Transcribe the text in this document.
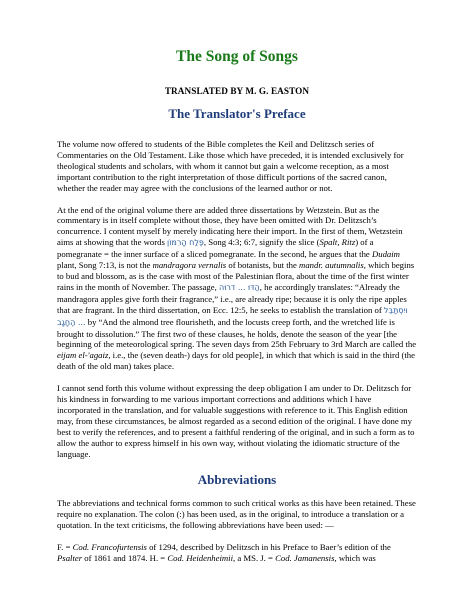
The Song of Songs
TRANSLATED BY M. G. EASTON
The Translator's Preface

The volume now offered to students of the Bible completes the Keil and Delitzsch series of Commentaries on the Old Testament. Like those which have preceded, it is intended exclusively for theological students and scholars, with whom it cannot but gain a welcome reception, as a most important contribution to the right interpretation of those difficult portions of the sacred canon, whether the reader may agree with the conclusions of the learned author or not.

At the end of the original volume there are added three dissertations by Wetzstein. But as the commentary is in itself complete without those, they have been omitted with Dr. Delitzsch’s concurrence. I content myself by merely indicating here their import. In the first of them, Wetzstein aims at showing that the words פֶּלַח הָרִמּוֹן, Song 4:3; 6:7, signify the slice (Spalt, Ritz) of a pomegranate = the inner surface of a sliced pomegranate. In the second, he argues that the Dudaim plant, Song 7:13, is not the mandragora vernalis of botanists, but the mandr. autumnalis, which begins to bud and blossom, as is the case with most of the Palestinian flora, about the time of the first winter rains in the month of November. The passage, הַדּוּ ... דרוּה, he accordingly translates: “Already the mandragora apples give forth their fragrance,” i.e., are already ripe; because it is only the ripe apples that are fragrant. In the third dissertation, on Ecc. 12:5, he seeks to establish the translation of ויִסְתַּבֵּל ... הֶחָגָב by “And the almond tree flourisheth, and the locusts creep forth, and the wretched life is brought to dissolution.” The first two of these clauses, he holds, denote the season of the year [the beginning of the meteorological spring. The seven days from 25th February to 3rd March are called the eijam el-'agaiz, i.e., the (seven death-) days for old people], in which that which is said in the third (the death of the old man) takes place.

I cannot send forth this volume without expressing the deep obligation I am under to Dr. Delitzsch for his kindness in forwarding to me various important corrections and additions which I have incorporated in the translation, and for valuable suggestions with reference to it. This English edition may, from these circumstances, be almost regarded as a second edition of the original. I have done my best to verify the references, and to present a faithful rendering of the original, and in such a form as to allow the author to express himself in his own way, without violating the idiomatic structure of the language.

Abbreviations

The abbreviations and technical forms common to such critical works as this have been retained. These require no explanation. The colon (:) has been used, as in the original, to introduce a translation or a quotation. In the text criticisms, the following abbreviations have been used: —

F. = Cod. Francofurtensis of 1294, described by Delitzsch in his Preface to Baer’s edition of the Psalter of 1861 and 1874. H. = Cod. Heidenheimii, a MS. J. = Cod. Jamanensis, which was
